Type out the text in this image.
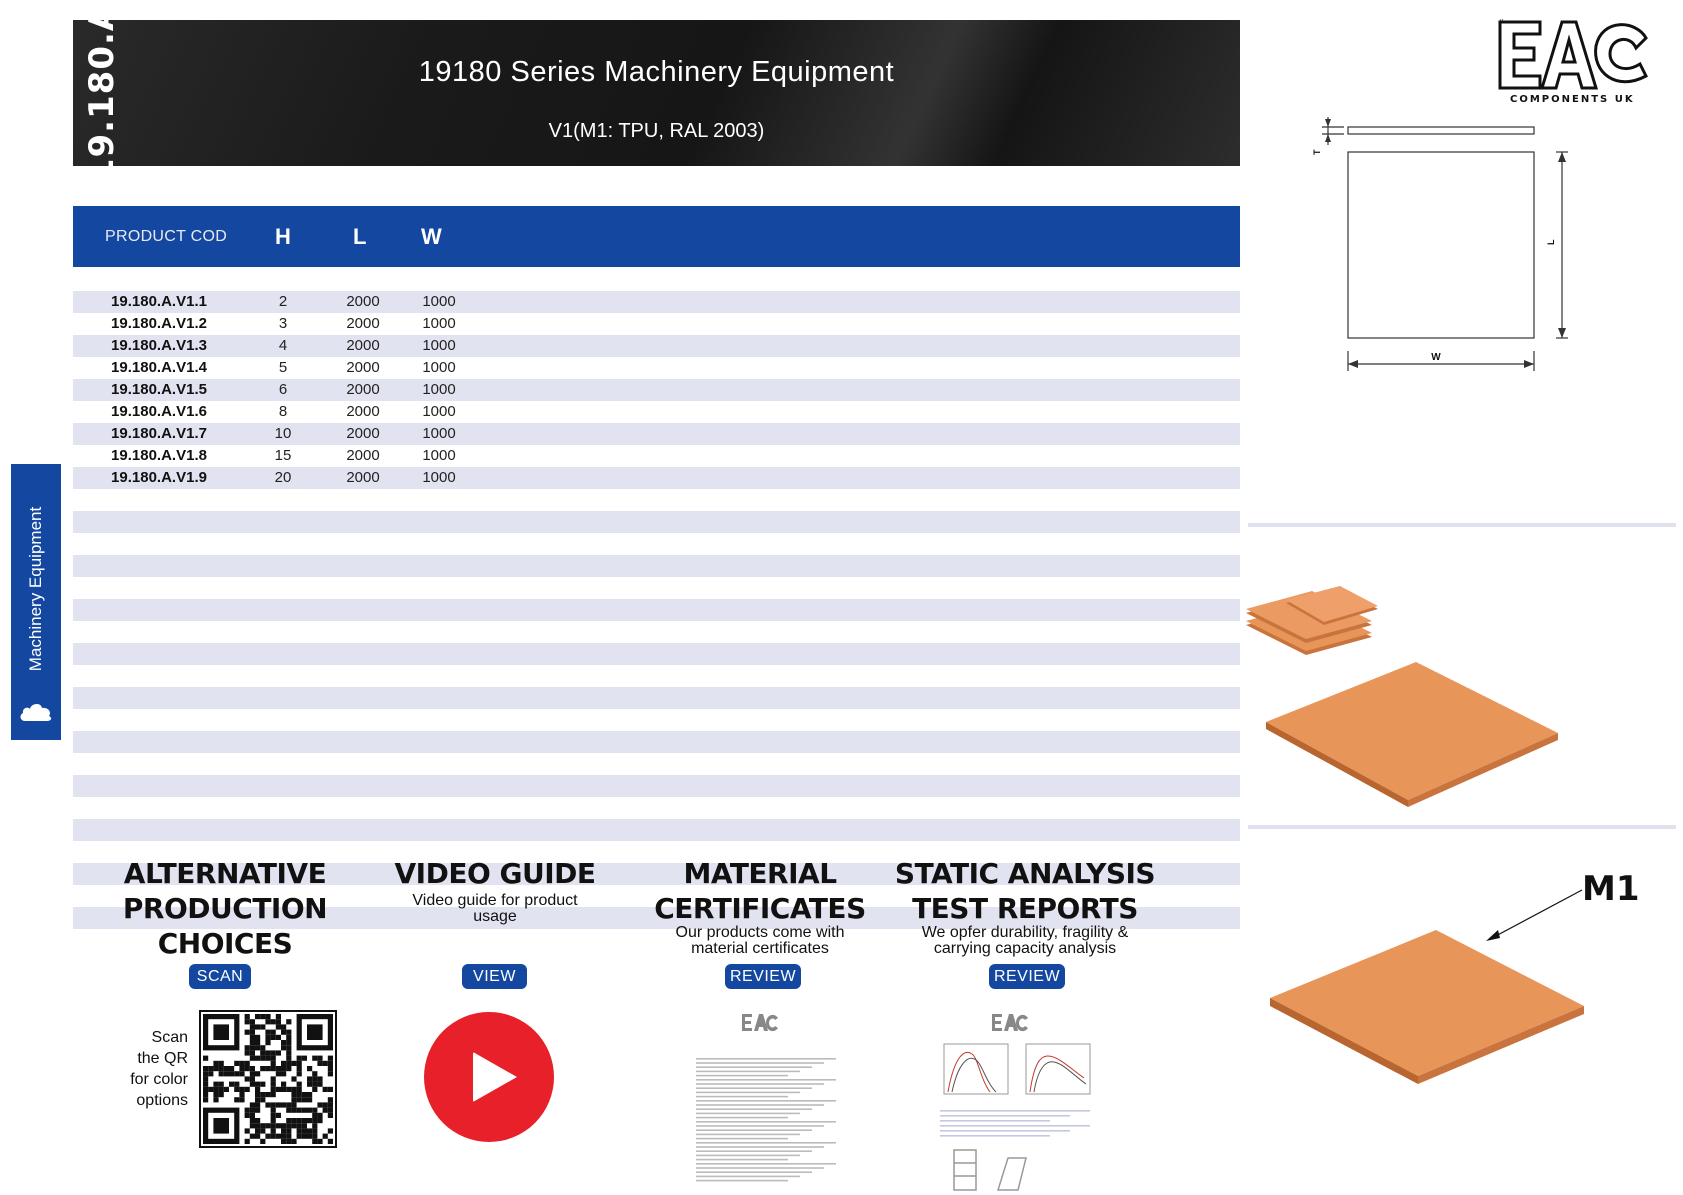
19.180.A	19180 Series Machinery Equipment
V1(M1: TPU, RAL 2003)
“
COMPONENTS UK
PRODUCT COD H	L W
19.180.A.V1.1	2	2000	1000
19.180.A.V1.2	3	2000	1000
19.180.A.V1.3	4	2000	1000
19.180.A.V1.4	5	2000	1000
19.180.A.V1.5	6	2000	1000
19.180.A.V1.6	8	2000	1000
19.180.A.V1.7	10	2000	1000
19.180.A.V1.8	15	2000	1000
19.180.A.V1.9	20	2000	1000
Machinery Equipment
T
L
W
M1
ALTERNATIVE
PRODUCTION
CHOICES
SCAN
Scan
the QR
for color
options
VIDEO GUIDE
Video guide for product
usage
VIEW
MATERIAL
CERTIFICATES
Our products come with
material certificates
REVIEW
STATIC ANALYSIS
TEST REPORTS
We opfer durability, fragility &
carrying capacity analysis
REVIEW
